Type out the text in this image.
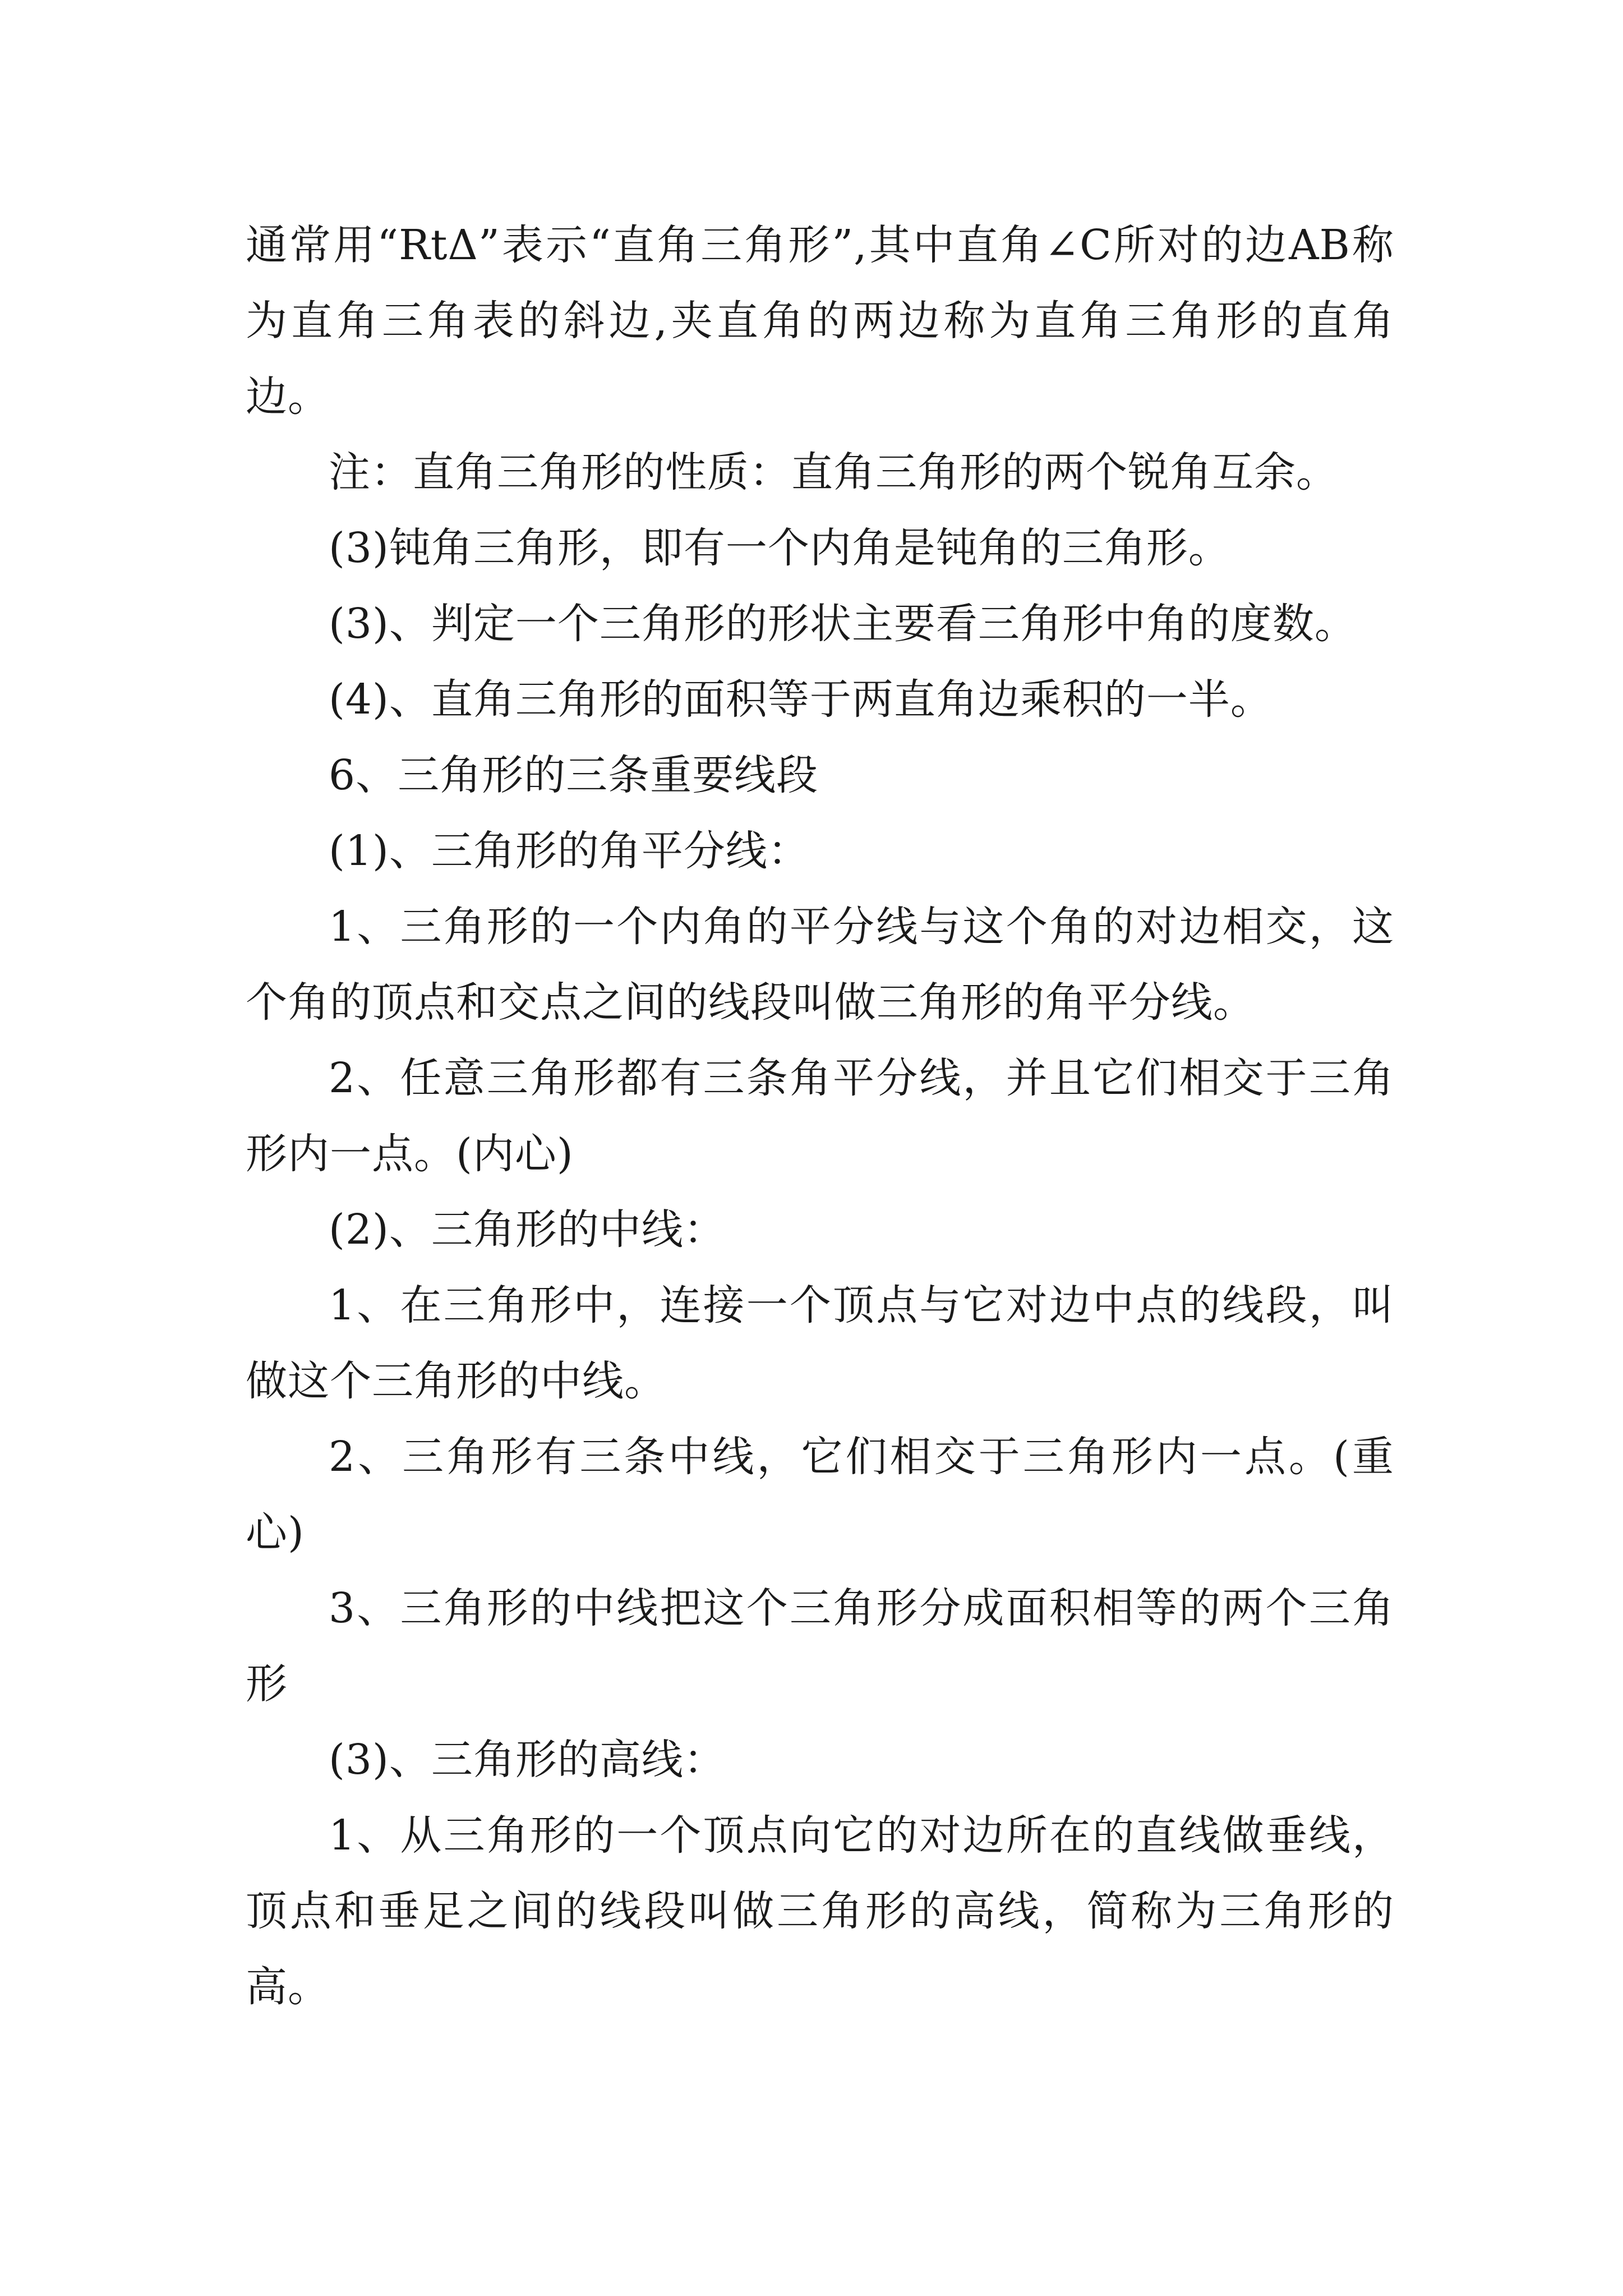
通常用“RtΔ”表示“直角三角形”,其中直角∠C所对的边AB称为直角三角表的斜边,夹直角的两边称为直角三角形的直角边。

注：直角三角形的性质：直角三角形的两个锐角互余。

(3)钝角三角形，即有一个内角是钝角的三角形。

(3)、判定一个三角形的形状主要看三角形中角的度数。

(4)、直角三角形的面积等于两直角边乘积的一半。

6、三角形的三条重要线段

(1)、三角形的角平分线：

1、三角形的一个内角的平分线与这个角的对边相交，这个角的顶点和交点之间的线段叫做三角形的角平分线。

2、任意三角形都有三条角平分线，并且它们相交于三角形内一点。(内心)

(2)、三角形的中线：

1、在三角形中，连接一个顶点与它对边中点的线段，叫做这个三角形的中线。

2、三角形有三条中线，它们相交于三角形内一点。(重心)

3、三角形的中线把这个三角形分成面积相等的两个三角形

(3)、三角形的高线：

1、从三角形的一个顶点向它的对边所在的直线做垂线，顶点和垂足之间的线段叫做三角形的高线，简称为三角形的高。
